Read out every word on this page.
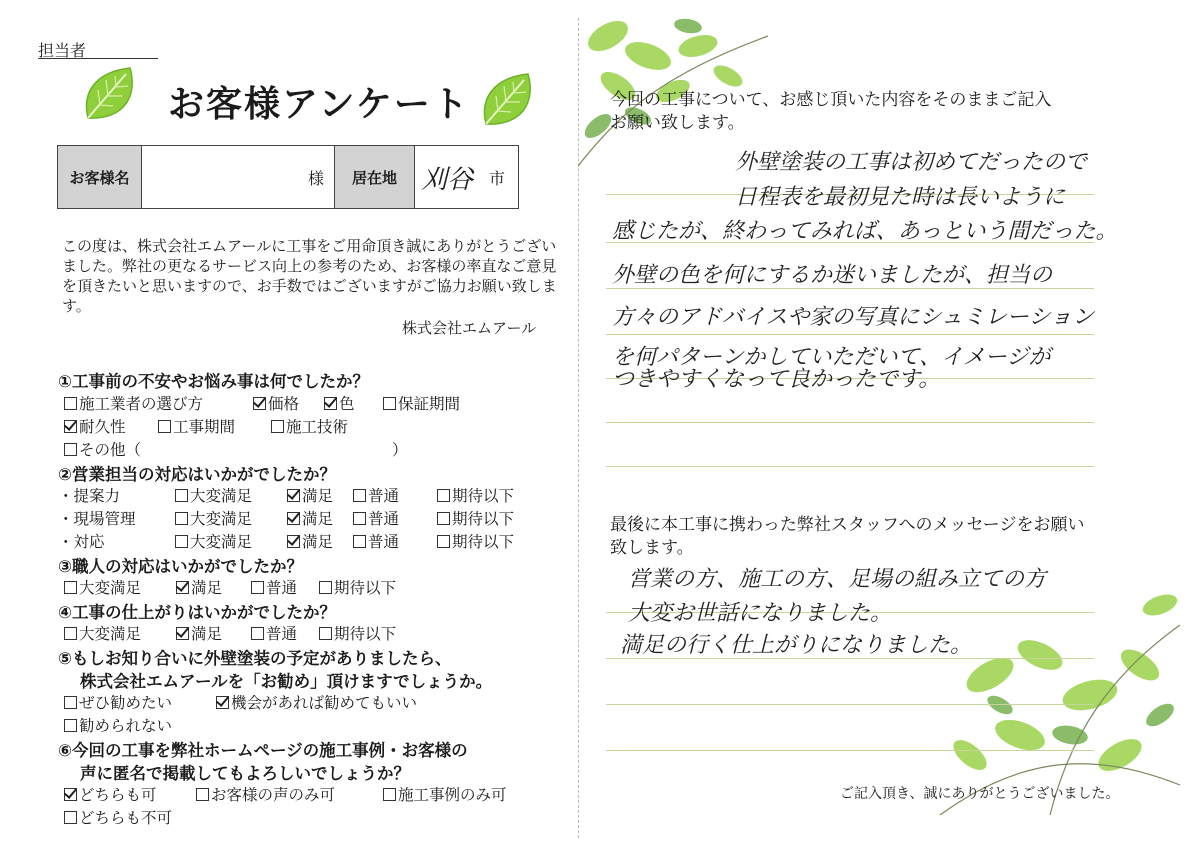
担当者
お客様アンケート
お客様名	様	居在地 刈谷 市
この度は、株式会社エムアールに工事をご用命頂き誠にありがとうございました。弊社の更なるサービス向上の参考のため、お客様の率直なご意見を頂きたいと思いますので、お手数ではございますがご協力お願い致します。
株式会社エムアール
①工事前の不安やお悩み事は何でしたか？
施工業者の選び方	価格	色	保証期間
耐久性	工事期間	施工技術
その他（	）
②営業担当の対応はいかがでしたか？
・提案力	大変満足	満足	普通	期待以下
・現場管理	大変満足	満足	普通	期待以下
・対応	大変満足	満足	普通	期待以下
③職人の対応はいかがでしたか？
大変満足	満足	普通	期待以下
④工事の仕上がりはいかがでしたか？
大変満足	満足	普通	期待以下
⑤もしお知り合いに外壁塗装の予定がありましたら、
株式会社エムアールを「お勧め」頂けますでしょうか。
ぜひ勧めたい	機会があれば勧めてもいい
勧められない
⑥今回の工事を弊社ホームページの施工事例・お客様の
声に匿名で掲載してもよろしいでしょうか？
どちらも可	お客様の声のみ可	施工事例のみ可
どちらも不可
今回の工事について、お感じ頂いた内容をそのままご記入お願い致します。
外壁塗装の工事は初めてだったので
日程表を最初見た時は長いように
感じたが、終わってみれば、あっという間だった。
外壁の色を何にするか迷いましたが、担当の
方々のアドバイスや家の写真にシュミレーション
を何パターンかしていただいて、イメージが
つきやすくなって良かったです。
最後に本工事に携わった弊社スタッフへのメッセージをお願い致します。
営業の方、施工の方、足場の組み立ての方
大変お世話になりました。
満足の行く仕上がりになりました。
ご記入頂き、誠にありがとうございました。
